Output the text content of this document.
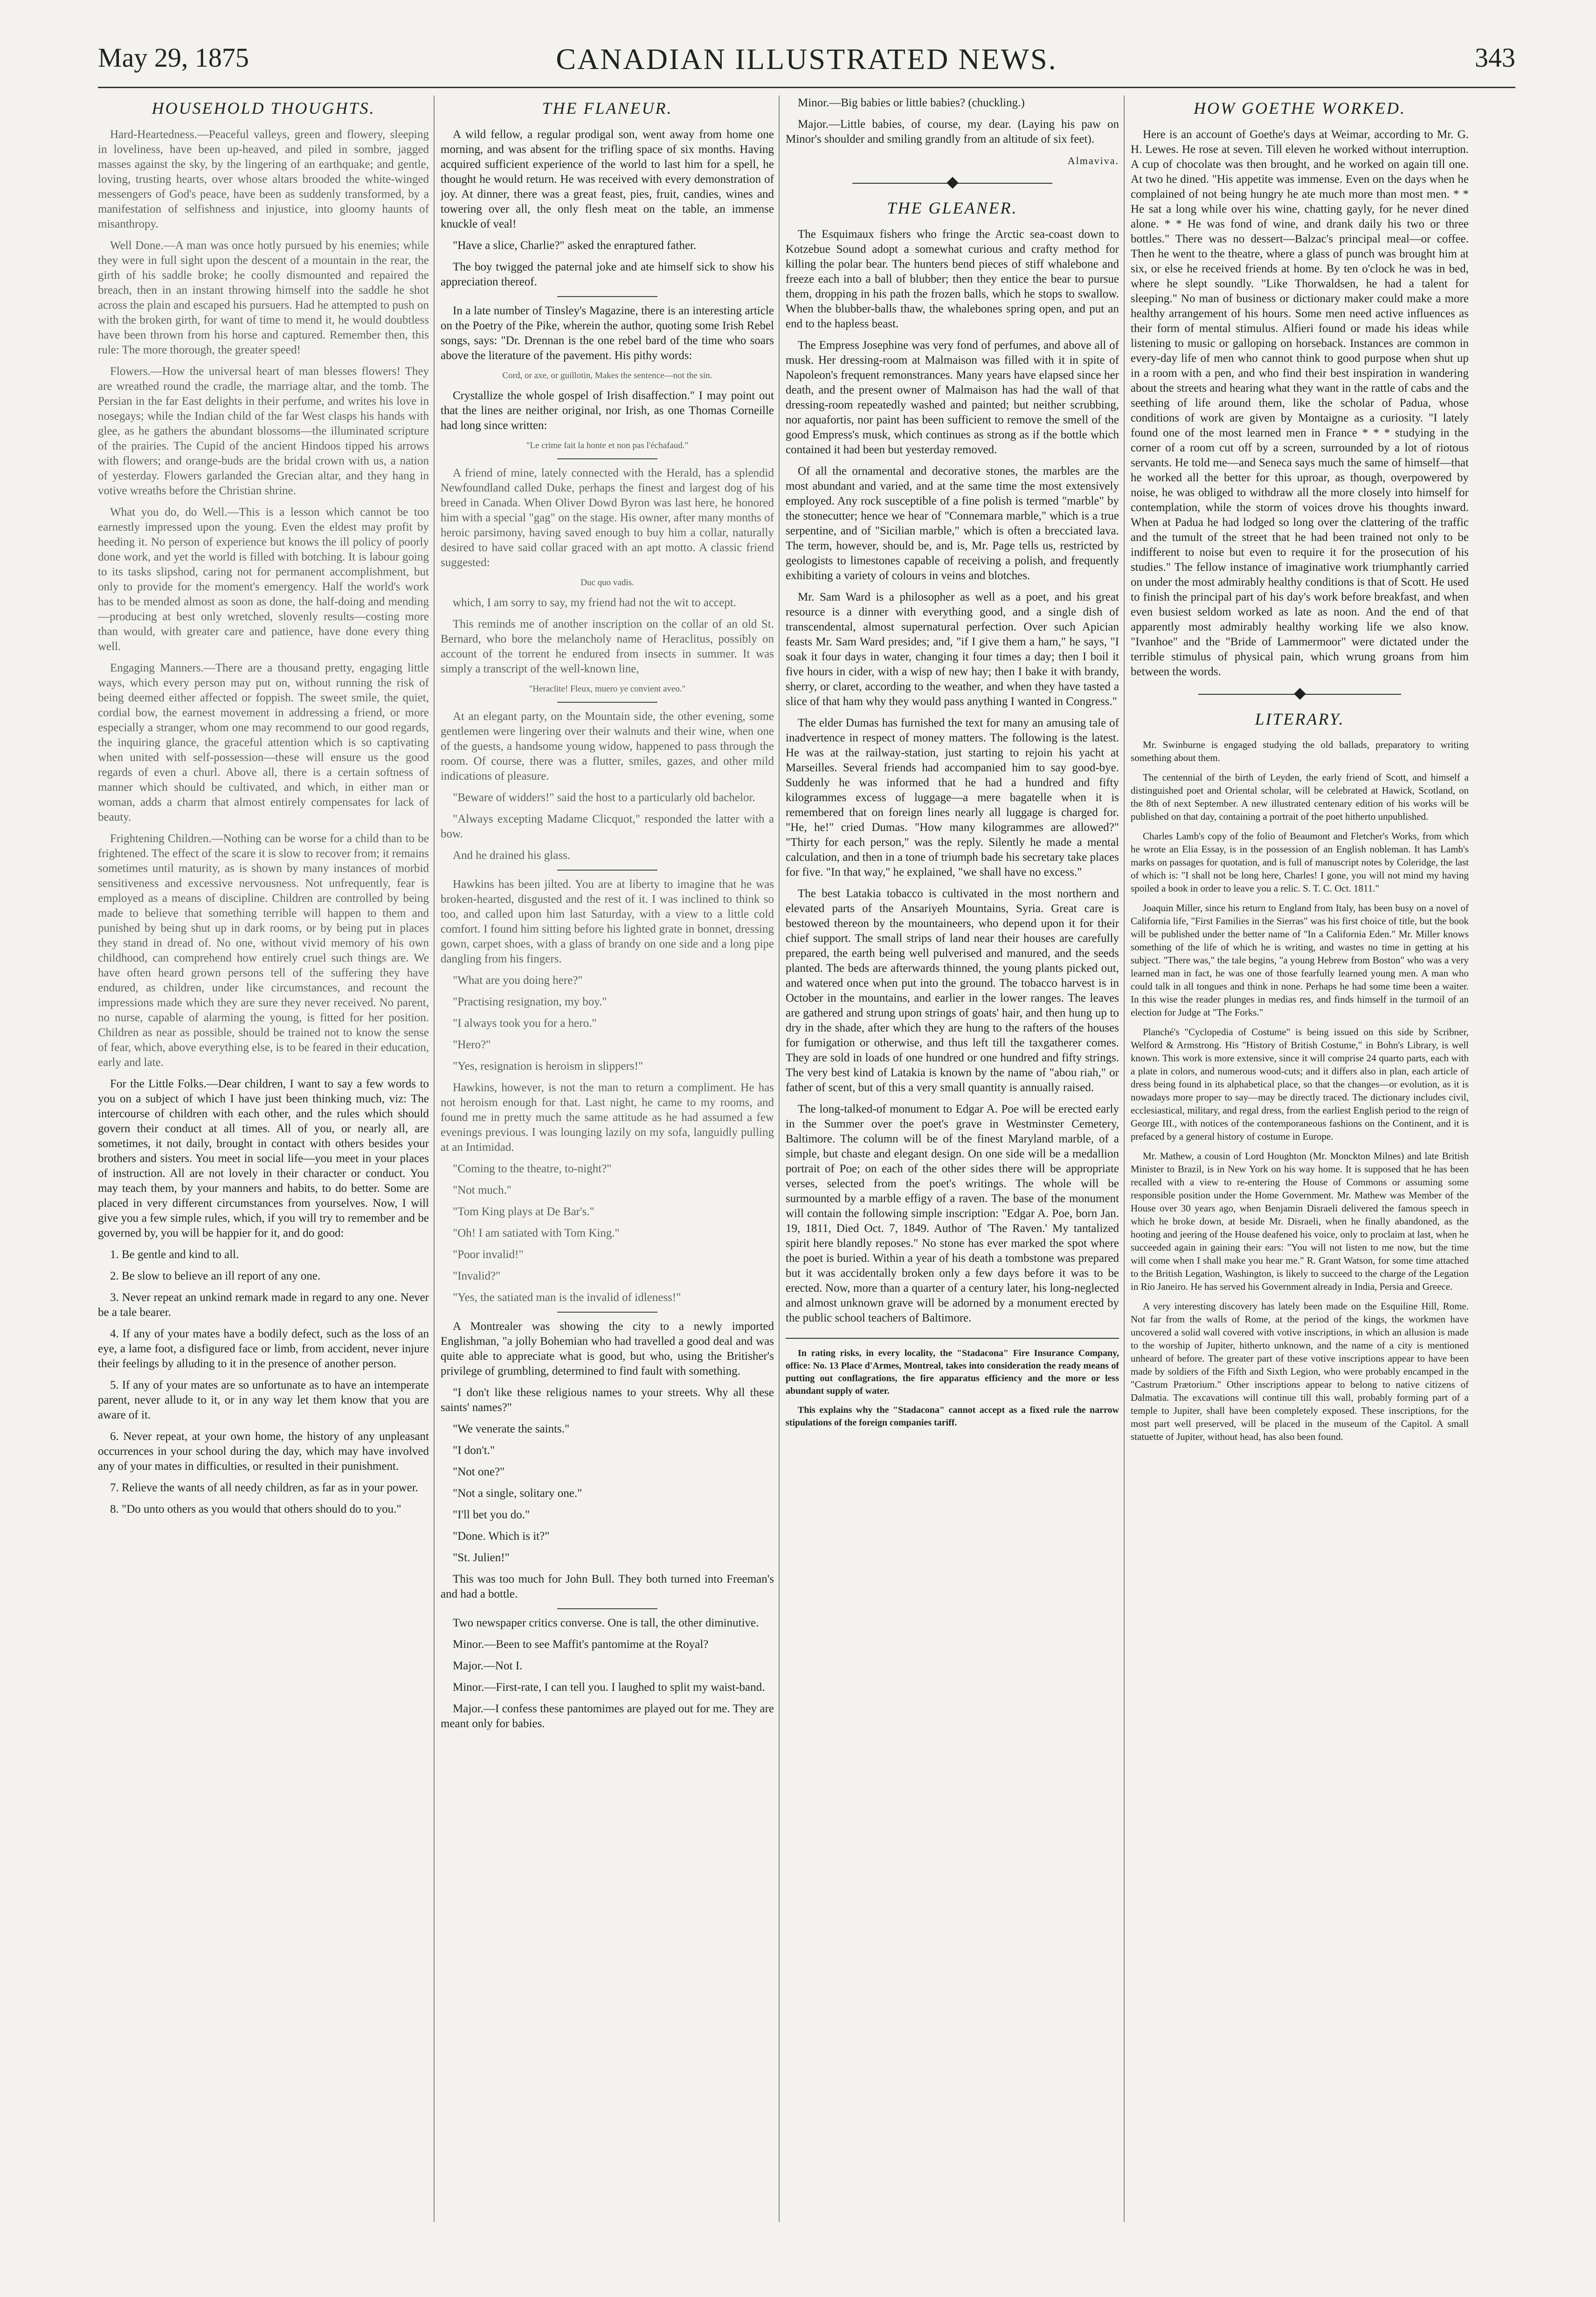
May 29, 1875	CANADIAN ILLUSTRATED NEWS.	343
HOUSEHOLD THOUGHTS.

Hard-Heartedness.—Peaceful valleys, green and flowery, sleeping in loveliness, have been up-heaved, and piled in sombre, jagged masses against the sky, by the lingering of an earthquake; and gentle, loving, trusting hearts, over whose altars brooded the white-winged messengers of God's peace, have been as suddenly transformed, by a manifestation of selfishness and injustice, into gloomy haunts of misanthropy.

Well Done.—A man was once hotly pursued by his enemies; while they were in full sight upon the descent of a mountain in the rear, the girth of his saddle broke; he coolly dismounted and repaired the breach, then in an instant throwing himself into the saddle he shot across the plain and escaped his pursuers. Had he attempted to push on with the broken girth, for want of time to mend it, he would doubtless have been thrown from his horse and captured. Remember then, this rule: The more thorough, the greater speed!

Flowers.—How the universal heart of man blesses flowers! They are wreathed round the cradle, the marriage altar, and the tomb. The Persian in the far East delights in their perfume, and writes his love in nosegays; while the Indian child of the far West clasps his hands with glee, as he gathers the abundant blossoms—the illuminated scripture of the prairies. The Cupid of the ancient Hindoos tipped his arrows with flowers; and orange-buds are the bridal crown with us, a nation of yesterday. Flowers garlanded the Grecian altar, and they hang in votive wreaths before the Christian shrine.

What you do, do Well.—This is a lesson which cannot be too earnestly impressed upon the young. Even the eldest may profit by heeding it. No person of experience but knows the ill policy of poorly done work, and yet the world is filled with botching. It is labour going to its tasks slipshod, caring not for permanent accomplishment, but only to provide for the moment's emergency. Half the world's work has to be mended almost as soon as done, the half-doing and mending—producing at best only wretched, slovenly results—costing more than would, with greater care and patience, have done every thing well.

Engaging Manners.—There are a thousand pretty, engaging little ways, which every person may put on, without running the risk of being deemed either affected or foppish. The sweet smile, the quiet, cordial bow, the earnest movement in addressing a friend, or more especially a stranger, whom one may recommend to our good regards, the inquiring glance, the graceful attention which is so captivating when united with self-possession—these will ensure us the good regards of even a churl. Above all, there is a certain softness of manner which should be cultivated, and which, in either man or woman, adds a charm that almost entirely compensates for lack of beauty.

Frightening Children.—Nothing can be worse for a child than to be frightened. The effect of the scare it is slow to recover from; it remains sometimes until maturity, as is shown by many instances of morbid sensitiveness and excessive nervousness. Not unfrequently, fear is employed as a means of discipline. Children are controlled by being made to believe that something terrible will happen to them and punished by being shut up in dark rooms, or by being put in places they stand in dread of. No one, without vivid memory of his own childhood, can comprehend how entirely cruel such things are. We have often heard grown persons tell of the suffering they have endured, as children, under like circumstances, and recount the impressions made which they are sure they never received. No parent, no nurse, capable of alarming the young, is fitted for her position. Children as near as possible, should be trained not to know the sense of fear, which, above everything else, is to be feared in their education, early and late.

For the Little Folks.—Dear children, I want to say a few words to you on a subject of which I have just been thinking much, viz: The intercourse of children with each other, and the rules which should govern their conduct at all times. All of you, or nearly all, are sometimes, it not daily, brought in contact with others besides your brothers and sisters. You meet in social life—you meet in your places of instruction. All are not lovely in their character or conduct. You may teach them, by your manners and habits, to do better. Some are placed in very different circumstances from yourselves. Now, I will give you a few simple rules, which, if you will try to remember and be governed by, you will be happier for it, and do good:

1. Be gentle and kind to all.

2. Be slow to believe an ill report of any one.

3. Never repeat an unkind remark made in regard to any one. Never be a tale bearer.

4. If any of your mates have a bodily defect, such as the loss of an eye, a lame foot, a disfigured face or limb, from accident, never injure their feelings by alluding to it in the presence of another person.

5. If any of your mates are so unfortunate as to have an intemperate parent, never allude to it, or in any way let them know that you are aware of it.

6. Never repeat, at your own home, the history of any unpleasant occurrences in your school during the day, which may have involved any of your mates in difficulties, or resulted in their punishment.

7. Relieve the wants of all needy children, as far as in your power.

8. "Do unto others as you would that others should do to you."

THE FLANEUR.

A wild fellow, a regular prodigal son, went away from home one morning, and was absent for the trifling space of six months. Having acquired sufficient experience of the world to last him for a spell, he thought he would return. He was received with every demonstration of joy. At dinner, there was a great feast, pies, fruit, candies, wines and towering over all, the only flesh meat on the table, an immense knuckle of veal!

"Have a slice, Charlie?" asked the enraptured father.

The boy twigged the paternal joke and ate himself sick to show his appreciation thereof.

In a late number of Tinsley's Magazine, there is an interesting article on the Poetry of the Pike, wherein the author, quoting some Irish Rebel songs, says: "Dr. Drennan is the one rebel bard of the time who soars above the literature of the pavement. His pithy words:

Cord, or axe, or guillotin, Makes the sentence—not the sin.

Crystallize the whole gospel of Irish disaffection." I may point out that the lines are neither original, nor Irish, as one Thomas Corneille had long since written:

"Le crime fait la honte et non pas l'échafaud."

A friend of mine, lately connected with the Herald, has a splendid Newfoundland called Duke, perhaps the finest and largest dog of his breed in Canada. When Oliver Dowd Byron was last here, he honored him with a special "gag" on the stage. His owner, after many months of heroic parsimony, having saved enough to buy him a collar, naturally desired to have said collar graced with an apt motto. A classic friend suggested:

Duc quo vadis.

which, I am sorry to say, my friend had not the wit to accept.

This reminds me of another inscription on the collar of an old St. Bernard, who bore the melancholy name of Heraclitus, possibly on account of the torrent he endured from insects in summer. It was simply a transcript of the well-known line,

"Heraclite! Fleux, muero ye convient aveo."

At an elegant party, on the Mountain side, the other evening, some gentlemen were lingering over their walnuts and their wine, when one of the guests, a handsome young widow, happened to pass through the room. Of course, there was a flutter, smiles, gazes, and other mild indications of pleasure.

"Beware of widders!" said the host to a particularly old bachelor.

"Always excepting Madame Clicquot," responded the latter with a bow.

And he drained his glass.

Hawkins has been jilted. You are at liberty to imagine that he was broken-hearted, disgusted and the rest of it. I was inclined to think so too, and called upon him last Saturday, with a view to a little cold comfort. I found him sitting before his lighted grate in bonnet, dressing gown, carpet shoes, with a glass of brandy on one side and a long pipe dangling from his fingers.

"What are you doing here?"

"Practising resignation, my boy."

"I always took you for a hero."

"Hero?"

"Yes, resignation is heroism in slippers!"

Hawkins, however, is not the man to return a compliment. He has not heroism enough for that. Last night, he came to my rooms, and found me in pretty much the same attitude as he had assumed a few evenings previous. I was lounging lazily on my sofa, languidly pulling at an Intimidad.

"Coming to the theatre, to-night?"

"Not much."

"Tom King plays at De Bar's."

"Oh! I am satiated with Tom King."

"Poor invalid!"

"Invalid?"

"Yes, the satiated man is the invalid of idleness!"

A Montrealer was showing the city to a newly imported Englishman, "a jolly Bohemian who had travelled a good deal and was quite able to appreciate what is good, but who, using the Britisher's privilege of grumbling, determined to find fault with something.

"I don't like these religious names to your streets. Why all these saints' names?"

"We venerate the saints."

"I don't."

"Not one?"

"Not a single, solitary one."

"I'll bet you do."

"Done. Which is it?"

"St. Julien!"

This was too much for John Bull. They both turned into Freeman's and had a bottle.

Two newspaper critics converse. One is tall, the other diminutive.

Minor.—Been to see Maffit's pantomime at the Royal?

Major.—Not I.

Minor.—First-rate, I can tell you. I laughed to split my waist-band.

Major.—I confess these pantomimes are played out for me. They are meant only for babies.

Minor.—Big babies or little babies? (chuckling.)

Major.—Little babies, of course, my dear. (Laying his paw on Minor's shoulder and smiling grandly from an altitude of six feet).

Almaviva.

THE GLEANER.

The Esquimaux fishers who fringe the Arctic sea-coast down to Kotzebue Sound adopt a somewhat curious and crafty method for killing the polar bear. The hunters bend pieces of stiff whalebone and freeze each into a ball of blubber; then they entice the bear to pursue them, dropping in his path the frozen balls, which he stops to swallow. When the blubber-balls thaw, the whalebones spring open, and put an end to the hapless beast.

The Empress Josephine was very fond of perfumes, and above all of musk. Her dressing-room at Malmaison was filled with it in spite of Napoleon's frequent remonstrances. Many years have elapsed since her death, and the present owner of Malmaison has had the wall of that dressing-room repeatedly washed and painted; but neither scrubbing, nor aquafortis, nor paint has been sufficient to remove the smell of the good Empress's musk, which continues as strong as if the bottle which contained it had been but yesterday removed.

Of all the ornamental and decorative stones, the marbles are the most abundant and varied, and at the same time the most extensively employed. Any rock susceptible of a fine polish is termed "marble" by the stonecutter; hence we hear of "Connemara marble," which is a true serpentine, and of "Sicilian marble," which is often a brecciated lava. The term, however, should be, and is, Mr. Page tells us, restricted by geologists to limestones capable of receiving a polish, and frequently exhibiting a variety of colours in veins and blotches.

Mr. Sam Ward is a philosopher as well as a poet, and his great resource is a dinner with everything good, and a single dish of transcendental, almost supernatural perfection. Over such Apician feasts Mr. Sam Ward presides; and, "if I give them a ham," he says, "I soak it four days in water, changing it four times a day; then I boil it five hours in cider, with a wisp of new hay; then I bake it with brandy, sherry, or claret, according to the weather, and when they have tasted a slice of that ham why they would pass anything I wanted in Congress."

The elder Dumas has furnished the text for many an amusing tale of inadvertence in respect of money matters. The following is the latest. He was at the railway-station, just starting to rejoin his yacht at Marseilles. Several friends had accompanied him to say good-bye. Suddenly he was informed that he had a hundred and fifty kilogrammes excess of luggage—a mere bagatelle when it is remembered that on foreign lines nearly all luggage is charged for. "He, he!" cried Dumas. "How many kilogrammes are allowed?" "Thirty for each person," was the reply. Silently he made a mental calculation, and then in a tone of triumph bade his secretary take places for five. "In that way," he explained, "we shall have no excess."

The best Latakia tobacco is cultivated in the most northern and elevated parts of the Ansariyeh Mountains, Syria. Great care is bestowed thereon by the mountaineers, who depend upon it for their chief support. The small strips of land near their houses are carefully prepared, the earth being well pulverised and manured, and the seeds planted. The beds are afterwards thinned, the young plants picked out, and watered once when put into the ground. The tobacco harvest is in October in the mountains, and earlier in the lower ranges. The leaves are gathered and strung upon strings of goats' hair, and then hung up to dry in the shade, after which they are hung to the rafters of the houses for fumigation or otherwise, and thus left till the taxgatherer comes. They are sold in loads of one hundred or one hundred and fifty strings. The very best kind of Latakia is known by the name of "abou riah," or father of scent, but of this a very small quantity is annually raised.

The long-talked-of monument to Edgar A. Poe will be erected early in the Summer over the poet's grave in Westminster Cemetery, Baltimore. The column will be of the finest Maryland marble, of a simple, but chaste and elegant design. On one side will be a medallion portrait of Poe; on each of the other sides there will be appropriate verses, selected from the poet's writings. The whole will be surmounted by a marble effigy of a raven. The base of the monument will contain the following simple inscription: "Edgar A. Poe, born Jan. 19, 1811, Died Oct. 7, 1849. Author of 'The Raven.' My tantalized spirit here blandly reposes." No stone has ever marked the spot where the poet is buried. Within a year of his death a tombstone was prepared but it was accidentally broken only a few days before it was to be erected. Now, more than a quarter of a century later, his long-neglected and almost unknown grave will be adorned by a monument erected by the public school teachers of Baltimore.

In rating risks, in every locality, the "Stadacona" Fire Insurance Company, office: No. 13 Place d'Armes, Montreal, takes into consideration the ready means of putting out conflagrations, the fire apparatus efficiency and the more or less abundant supply of water.

This explains why the "Stadacona" cannot accept as a fixed rule the narrow stipulations of the foreign companies tariff.

HOW GOETHE WORKED.

Here is an account of Goethe's days at Weimar, according to Mr. G. H. Lewes. He rose at seven. Till eleven he worked without interruption. A cup of chocolate was then brought, and he worked on again till one. At two he dined. "His appetite was immense. Even on the days when he complained of not being hungry he ate much more than most men. * * He sat a long while over his wine, chatting gayly, for he never dined alone. * * He was fond of wine, and drank daily his two or three bottles." There was no dessert—Balzac's principal meal—or coffee. Then he went to the theatre, where a glass of punch was brought him at six, or else he received friends at home. By ten o'clock he was in bed, where he slept soundly. "Like Thorwaldsen, he had a talent for sleeping." No man of business or dictionary maker could make a more healthy arrangement of his hours. Some men need active influences as their form of mental stimulus. Alfieri found or made his ideas while listening to music or galloping on horseback. Instances are common in every-day life of men who cannot think to good purpose when shut up in a room with a pen, and who find their best inspiration in wandering about the streets and hearing what they want in the rattle of cabs and the seething of life around them, like the scholar of Padua, whose conditions of work are given by Montaigne as a curiosity. "I lately found one of the most learned men in France * * * studying in the corner of a room cut off by a screen, surrounded by a lot of riotous servants. He told me—and Seneca says much the same of himself—that he worked all the better for this uproar, as though, overpowered by noise, he was obliged to withdraw all the more closely into himself for contemplation, while the storm of voices drove his thoughts inward. When at Padua he had lodged so long over the clattering of the traffic and the tumult of the street that he had been trained not only to be indifferent to noise but even to require it for the prosecution of his studies." The fellow instance of imaginative work triumphantly carried on under the most admirably healthy conditions is that of Scott. He used to finish the principal part of his day's work before breakfast, and when even busiest seldom worked as late as noon. And the end of that apparently most admirably healthy working life we also know. "Ivanhoe" and the "Bride of Lammermoor" were dictated under the terrible stimulus of physical pain, which wrung groans from him between the words.

LITERARY.

Mr. Swinburne is engaged studying the old ballads, preparatory to writing something about them.

The centennial of the birth of Leyden, the early friend of Scott, and himself a distinguished poet and Oriental scholar, will be celebrated at Hawick, Scotland, on the 8th of next September. A new illustrated centenary edition of his works will be published on that day, containing a portrait of the poet hitherto unpublished.

Charles Lamb's copy of the folio of Beaumont and Fletcher's Works, from which he wrote an Elia Essay, is in the possession of an English nobleman. It has Lamb's marks on passages for quotation, and is full of manuscript notes by Coleridge, the last of which is: "I shall not be long here, Charles! I gone, you will not mind my having spoiled a book in order to leave you a relic. S. T. C. Oct. 1811."

Joaquin Miller, since his return to England from Italy, has been busy on a novel of California life, "First Families in the Sierras" was his first choice of title, but the book will be published under the better name of "In a California Eden." Mr. Miller knows something of the life of which he is writing, and wastes no time in getting at his subject. "There was," the tale begins, "a young Hebrew from Boston" who was a very learned man in fact, he was one of those fearfully learned young men. A man who could talk in all tongues and think in none. Perhaps he had some time been a waiter. In this wise the reader plunges in medias res, and finds himself in the turmoil of an election for Judge at "The Forks."

Planché's "Cyclopedia of Costume" is being issued on this side by Scribner, Welford & Armstrong. His "History of British Costume," in Bohn's Library, is well known. This work is more extensive, since it will comprise 24 quarto parts, each with a plate in colors, and numerous wood-cuts; and it differs also in plan, each article of dress being found in its alphabetical place, so that the changes—or evolution, as it is nowadays more proper to say—may be directly traced. The dictionary includes civil, ecclesiastical, military, and regal dress, from the earliest English period to the reign of George III., with notices of the contemporaneous fashions on the Continent, and it is prefaced by a general history of costume in Europe.

Mr. Mathew, a cousin of Lord Houghton (Mr. Monckton Milnes) and late British Minister to Brazil, is in New York on his way home. It is supposed that he has been recalled with a view to re-entering the House of Commons or assuming some responsible position under the Home Government. Mr. Mathew was Member of the House over 30 years ago, when Benjamin Disraeli delivered the famous speech in which he broke down, at beside Mr. Disraeli, when he finally abandoned, as the hooting and jeering of the House deafened his voice, only to proclaim at last, when he succeeded again in gaining their ears: "You will not listen to me now, but the time will come when I shall make you hear me." R. Grant Watson, for some time attached to the British Legation, Washington, is likely to succeed to the charge of the Legation in Rio Janeiro. He has served his Government already in India, Persia and Greece.

A very interesting discovery has lately been made on the Esquiline Hill, Rome. Not far from the walls of Rome, at the period of the kings, the workmen have uncovered a solid wall covered with votive inscriptions, in which an allusion is made to the worship of Jupiter, hitherto unknown, and the name of a city is mentioned unheard of before. The greater part of these votive inscriptions appear to have been made by soldiers of the Fifth and Sixth Legion, who were probably encamped in the "Castrum Prætorium." Other inscriptions appear to belong to native citizens of Dalmatia. The excavations will continue till this wall, probably forming part of a temple to Jupiter, shall have been completely exposed. These inscriptions, for the most part well preserved, will be placed in the museum of the Capitol. A small statuette of Jupiter, without head, has also been found.
